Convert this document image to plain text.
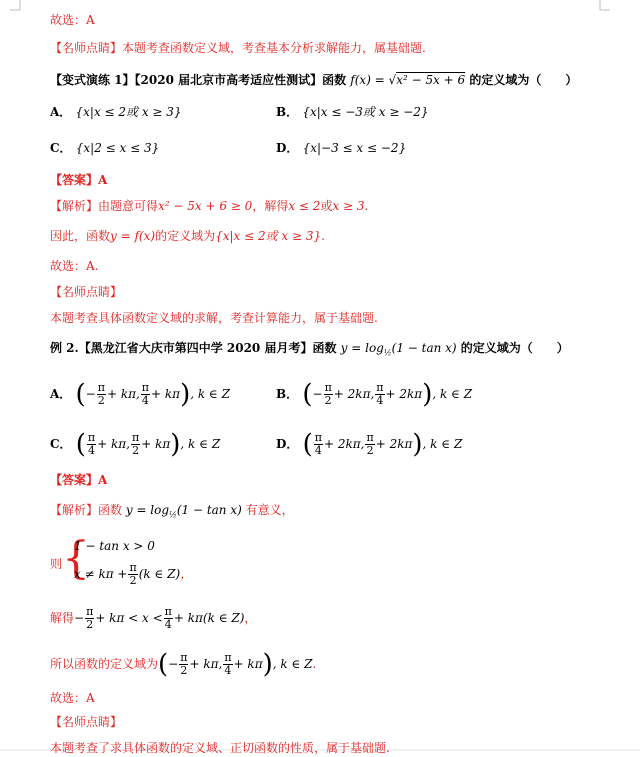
故选：A
【名师点睛】本题考查函数定义域，考查基本分析求解能力，属基础题.
【变式演练 1】【2020 届北京市高考适应性测试】函数 f(x) = √x² − 5x + 6 的定义域为（　　）
A． {x|x ≤ 2或 x ≥ 3}	B． {x|x ≤ −3或 x ≥ −2}
C． {x|2 ≤ x ≤ 3}	D． {x|−3 ≤ x ≤ −2}
【答案】A
【解析】由题意可得x² − 5x + 6 ≥ 0，解得x ≤ 2或x ≥ 3.
因此，函数y = f(x)的定义域为{x|x ≤ 2或 x ≥ 3}.
故选：A.
【名师点睛】
本题考查具体函数定义域的求解，考查计算能力，属于基础题.
例 2.【黑龙江省大庆市第四中学 2020 届月考】函数 $y = \log_{\frac{1}{2}}(1 - \tan x)$ 的定义域为（　　）
A． (− $\frac{\pi}{2} + k\pi$, $\frac{\pi}{4} + k\pi$), k ∈ Z	B． (− $\frac{\pi}{2} + 2k\pi$, $\frac{\pi}{4} + 2k\pi$), k ∈ Z
C． ( $\frac{\pi}{4} + k\pi$, $\frac{\pi}{2} + k\pi$), k ∈ Z	D． ( $\frac{\pi}{4} + 2k\pi$, $\frac{\pi}{2} + 2k\pi$), k ∈ Z
【答案】A
【解析】函数 $y = \log_{\frac{1}{2}}(1 - \tan x)$ 有意义，
则 {
1 − tan x > 0
$x \ne k\pi + \frac{\pi}{2} (k$ ∈ Z)，
解得− $\frac{\pi}{2} + k\pi < x < \frac{\pi}{4} + k\pi(k$ ∈ Z)，
所以函数的定义域为(− $\frac{\pi}{2} + k\pi$, $\frac{\pi}{4} + k\pi$), k ∈ Z.
故选：A
【名师点睛】
本题考查了求具体函数的定义域、正切函数的性质，属于基础题.
